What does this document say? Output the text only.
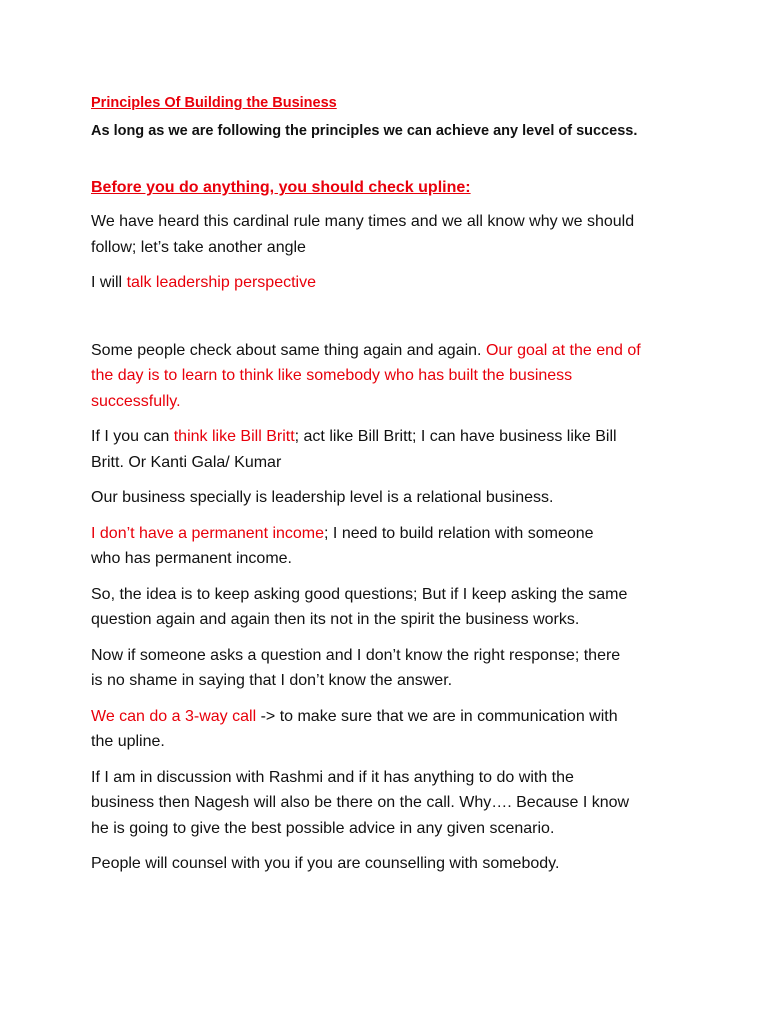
Principles Of Building the Business
As long as we are following the principles we can achieve any level of success.
Before you do anything, you should check upline:

We have heard this cardinal rule many times and we all know why we should
follow; let’s take another angle

I will talk leadership perspective

Some people check about same thing again and again. Our goal at the end of
the day is to learn to think like somebody who has built the business
successfully.

If I you can think like Bill Britt; act like Bill Britt; I can have business like Bill
Britt. Or Kanti Gala/ Kumar

Our business specially is leadership level is a relational business.

I don’t have a permanent income; I need to build relation with someone
who has permanent income.

So, the idea is to keep asking good questions; But if I keep asking the same
question again and again then its not in the spirit the business works.

Now if someone asks a question and I don’t know the right response; there
is no shame in saying that I don’t know the answer.

We can do a 3-way call -> to make sure that we are in communication with
the upline.

If I am in discussion with Rashmi and if it has anything to do with the
business then Nagesh will also be there on the call. Why…. Because I know
he is going to give the best possible advice in any given scenario.

People will counsel with you if you are counselling with somebody.
